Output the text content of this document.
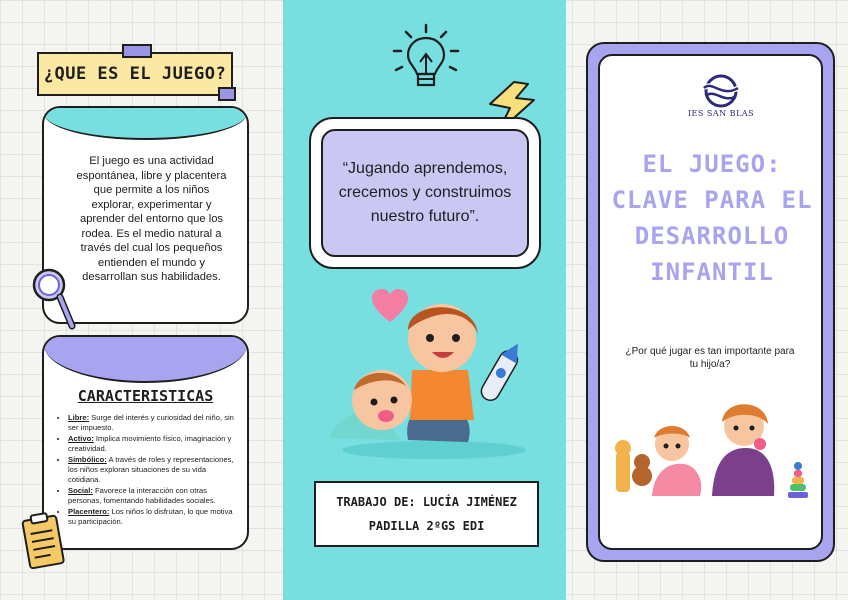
¿QUE ES EL JUEGO?
El juego es una actividad espontánea, libre y placentera que permite a los niños explorar, experimentar y aprender del entorno que los rodea. Es el medio natural a través del cual los pequeños entienden el mundo y desarrollan sus habilidades.
CARACTERISTICAS
• Libre: Surge del interés y curiosidad del niño, sin ser impuesto.
• Activo: Implica movimiento físico, imaginación y creatividad.
• Simbólico: A través de roles y representaciones, los niños exploran situaciones de su vida cotidiana.
• Social: Favorece la interacción con otras personas, fomentando habilidades sociales.
• Placentero: Los niños lo disfrutan, lo que motiva su participación.
“Jugando aprendemos, crecemos y construimos nuestro futuro”.
TRABAJO DE: LUCÍA JIMÉNEZ PADILLA 2ºGS EDI
IES SAN BLAS
EL JUEGO: CLAVE PARA EL DESARROLLO INFANTIL
¿Por qué jugar es tan importante para tu hijo/a?
